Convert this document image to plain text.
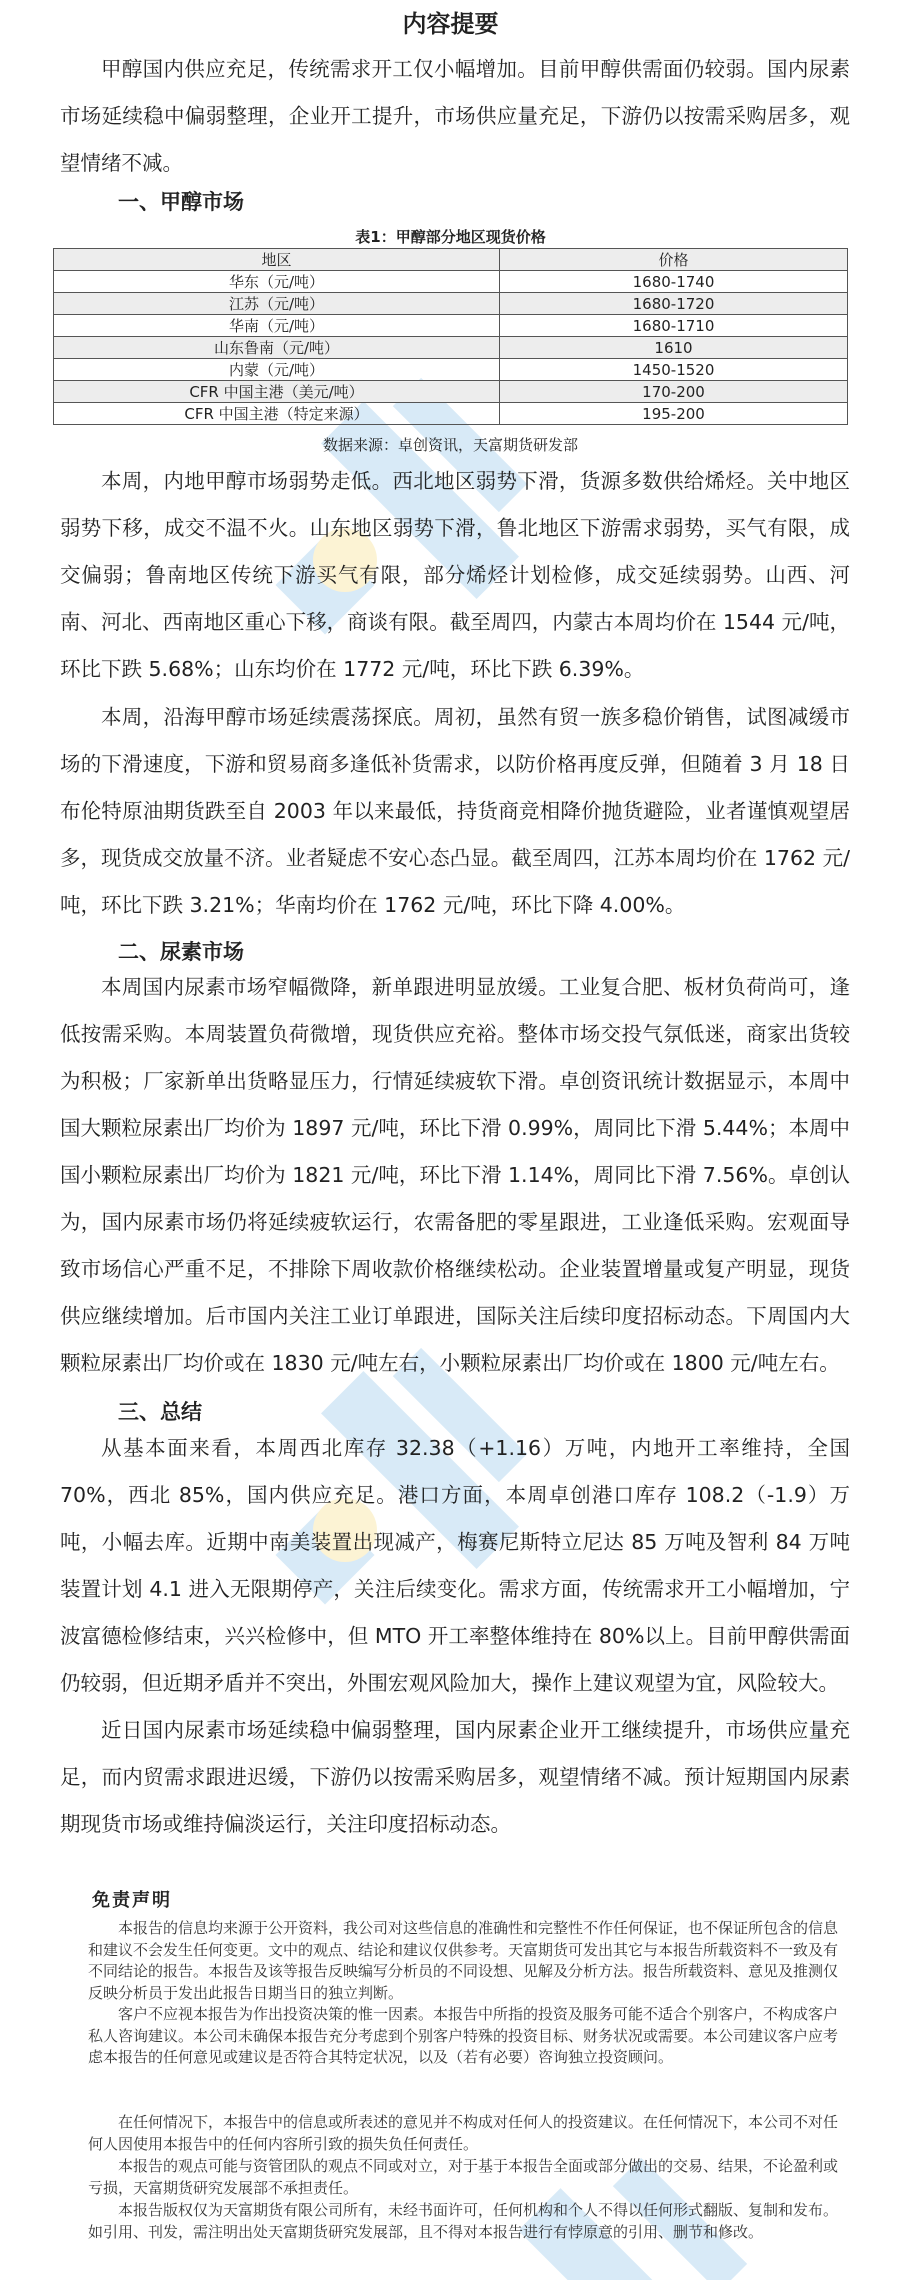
内容提要

甲醇国内供应充足，传统需求开工仅小幅增加。目前甲醇供需面仍较弱。国内尿素市场延续稳中偏弱整理，企业开工提升，市场供应量充足，下游仍以按需采购居多，观望情绪不减。

一、甲醇市场
表1：甲醇部分地区现货价格
地区	价格
华东（元/吨）	1680-1740
江苏（元/吨）	1680-1720
华南（元/吨）	1680-1710
山东鲁南（元/吨）	1610
内蒙（元/吨）	1450-1520
CFR 中国主港（美元/吨）	170-200
CFR 中国主港（特定来源）	195-200
数据来源：卓创资讯，天富期货研发部

本周，内地甲醇市场弱势走低。西北地区弱势下滑，货源多数供给烯烃。关中地区弱势下移，成交不温不火。山东地区弱势下滑，鲁北地区下游需求弱势，买气有限，成交偏弱；鲁南地区传统下游买气有限，部分烯烃计划检修，成交延续弱势。山西、河南、河北、西南地区重心下移，商谈有限。截至周四，内蒙古本周均价在 1544 元/吨，环比下跌 5.68%；山东均价在 1772 元/吨，环比下跌 6.39%。

本周，沿海甲醇市场延续震荡探底。周初，虽然有贸一族多稳价销售，试图减缓市场的下滑速度，下游和贸易商多逢低补货需求，以防价格再度反弹，但随着 3 月 18 日布伦特原油期货跌至自 2003 年以来最低，持货商竞相降价抛货避险，业者谨慎观望居多，现货成交放量不济。业者疑虑不安心态凸显。截至周四，江苏本周均价在 1762 元/吨，环比下跌 3.21%；华南均价在 1762 元/吨，环比下降 4.00%。

二、尿素市场

本周国内尿素市场窄幅微降，新单跟进明显放缓。工业复合肥、板材负荷尚可，逢低按需采购。本周装置负荷微增，现货供应充裕。整体市场交投气氛低迷，商家出货较为积极；厂家新单出货略显压力，行情延续疲软下滑。卓创资讯统计数据显示，本周中国大颗粒尿素出厂均价为 1897 元/吨，环比下滑 0.99%，周同比下滑 5.44%；本周中国小颗粒尿素出厂均价为 1821 元/吨，环比下滑 1.14%，周同比下滑 7.56%。卓创认为，国内尿素市场仍将延续疲软运行，农需备肥的零星跟进，工业逢低采购。宏观面导致市场信心严重不足，不排除下周收款价格继续松动。企业装置增量或复产明显，现货供应继续增加。后市国内关注工业订单跟进，国际关注后续印度招标动态。下周国内大颗粒尿素出厂均价或在 1830 元/吨左右，小颗粒尿素出厂均价或在 1800 元/吨左右。

三、总结

从基本面来看，本周西北库存 32.38（+1.16）万吨，内地开工率维持，全国 70%，西北 85%，国内供应充足。港口方面，本周卓创港口库存 108.2（-1.9）万吨，小幅去库。近期中南美装置出现减产，梅赛尼斯特立尼达 85 万吨及智利 84 万吨装置计划 4.1 进入无限期停产，关注后续变化。需求方面，传统需求开工小幅增加，宁波富德检修结束，兴兴检修中，但 MTO 开工率整体维持在 80%以上。目前甲醇供需面仍较弱，但近期矛盾并不突出，外围宏观风险加大，操作上建议观望为宜，风险较大。

近日国内尿素市场延续稳中偏弱整理，国内尿素企业开工继续提升，市场供应量充足，而内贸需求跟进迟缓，下游仍以按需采购居多，观望情绪不减。预计短期国内尿素期现货市场或维持偏淡运行，关注印度招标动态。

免责声明

本报告的信息均来源于公开资料，我公司对这些信息的准确性和完整性不作任何保证，也不保证所包含的信息和建议不会发生任何变更。文中的观点、结论和建议仅供参考。天富期货可发出其它与本报告所载资料不一致及有不同结论的报告。本报告及该等报告反映编写分析员的不同设想、见解及分析方法。报告所载资料、意见及推测仅反映分析员于发出此报告日期当日的独立判断。

客户不应视本报告为作出投资决策的惟一因素。本报告中所指的投资及服务可能不适合个别客户，不构成客户私人咨询建议。本公司未确保本报告充分考虑到个别客户特殊的投资目标、财务状况或需要。本公司建议客户应考虑本报告的任何意见或建议是否符合其特定状况，以及（若有必要）咨询独立投资顾问。

在任何情况下，本报告中的信息或所表述的意见并不构成对任何人的投资建议。在任何情况下，本公司不对任何人因使用本报告中的任何内容所引致的损失负任何责任。

本报告的观点可能与资管团队的观点不同或对立，对于基于本报告全面或部分做出的交易、结果，不论盈利或亏损，天富期货研究发展部不承担责任。

本报告版权仅为天富期货有限公司所有，未经书面许可，任何机构和个人不得以任何形式翻版、复制和发布。如引用、刊发，需注明出处天富期货研究发展部，且不得对本报告进行有悖原意的引用、删节和修改。
